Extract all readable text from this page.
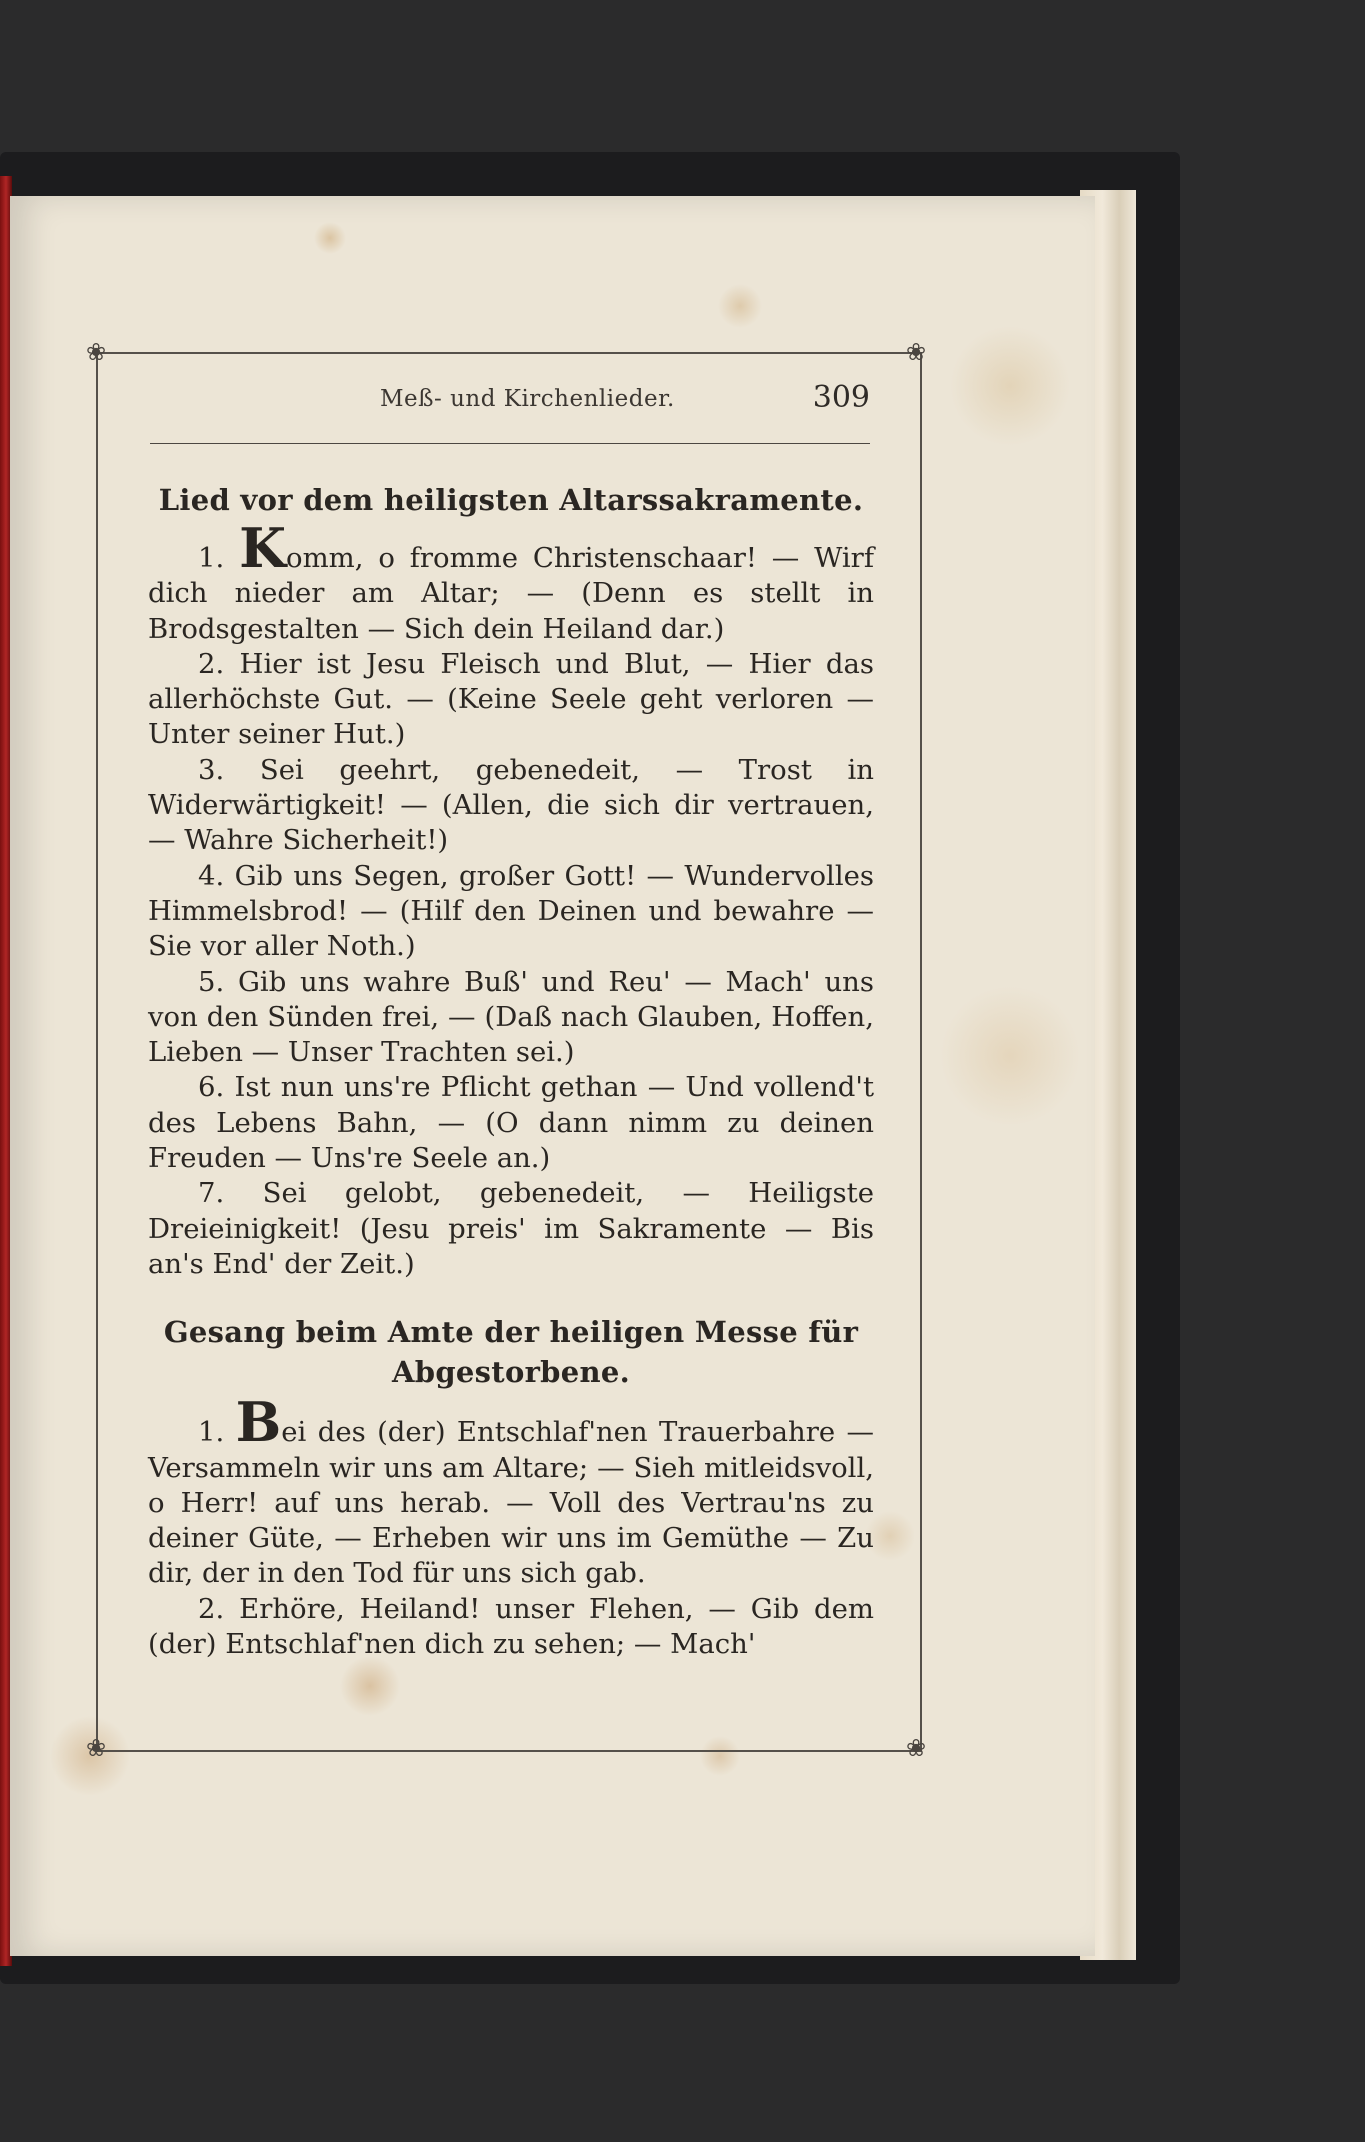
❀	❀
❀	❀
Meß- und Kirchenlieder.	309
Lied vor dem heiligsten Altarssakramente.

1. Komm, o fromme Christenschaar! — Wirf dich nieder am Altar; — (Denn es stellt in Brodsgestalten — Sich dein Heiland dar.)

2. Hier ist Jesu Fleisch und Blut, — Hier das allerhöchste Gut. — (Keine Seele geht verloren — Unter seiner Hut.)

3. Sei geehrt, gebenedeit, — Trost in Widerwärtigkeit! — (Allen, die sich dir vertrauen, — Wahre Sicherheit!)

4. Gib uns Segen, großer Gott! — Wundervolles Himmelsbrod! — (Hilf den Deinen und bewahre — Sie vor aller Noth.)

5. Gib uns wahre Buß' und Reu' — Mach' uns von den Sünden frei, — (Daß nach Glauben, Hoffen, Lieben — Unser Trachten sei.)

6. Ist nun uns're Pflicht gethan — Und vollend't des Lebens Bahn, — (O dann nimm zu deinen Freuden — Uns're Seele an.)

7. Sei gelobt, gebenedeit, — Heiligste Dreieinigkeit! (Jesu preis' im Sakramente — Bis an's End' der Zeit.)

Gesang beim Amte der heiligen Messe für Abgestorbene.

1. Bei des (der) Entschlaf'nen Trauerbahre — Versammeln wir uns am Altare; — Sieh mitleidsvoll, o Herr! auf uns herab. — Voll des Vertrau'ns zu deiner Güte, — Erheben wir uns im Gemüthe — Zu dir, der in den Tod für uns sich gab.

2. Erhöre, Heiland! unser Flehen, — Gib dem (der) Entschlaf'nen dich zu sehen; — Mach'
